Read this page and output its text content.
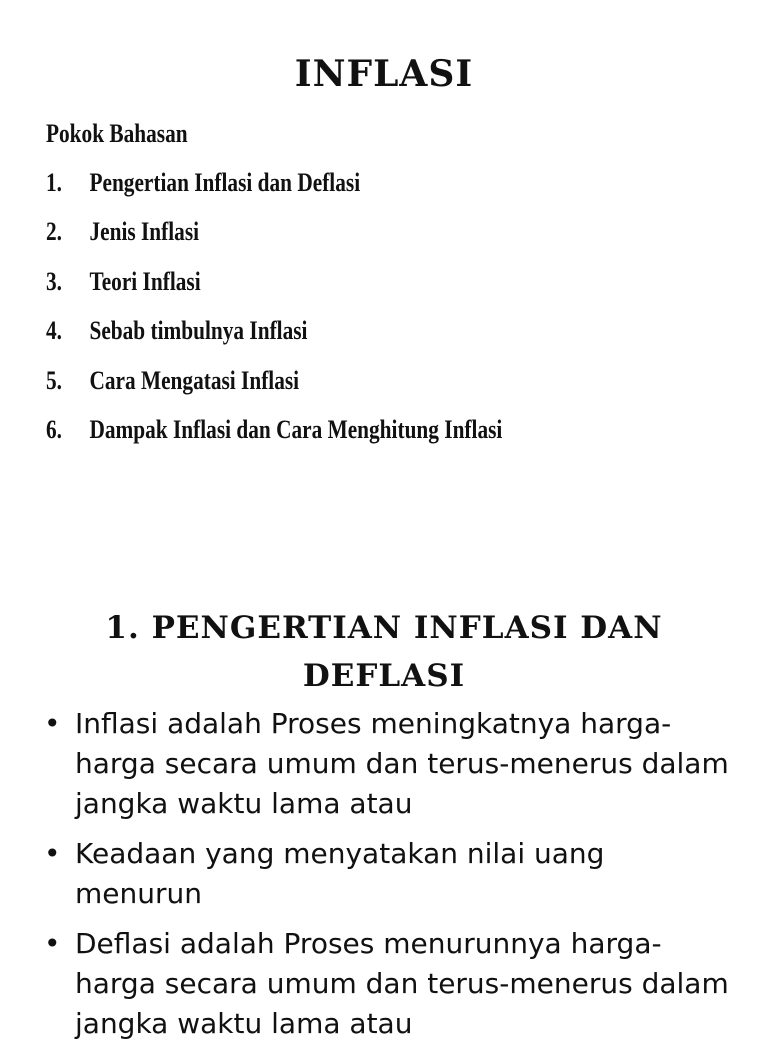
INFLASI
Pokok Bahasan
1. Pengertian Inflasi dan Deflasi
2. Jenis Inflasi
3. Teori Inflasi
4. Sebab timbulnya Inflasi
5. Cara Mengatasi Inflasi
6. Dampak Inflasi dan Cara Menghitung Inflasi
1. PENGERTIAN INFLASI DAN
DEFLASI
• Inflasi adalah Proses meningkatnya harga-harga secara umum dan terus-menerus dalam jangka waktu lama atau
• Keadaan yang menyatakan nilai uang menurun
• Deflasi adalah Proses menurunnya harga-harga secara umum dan terus-menerus dalam jangka waktu lama atau
